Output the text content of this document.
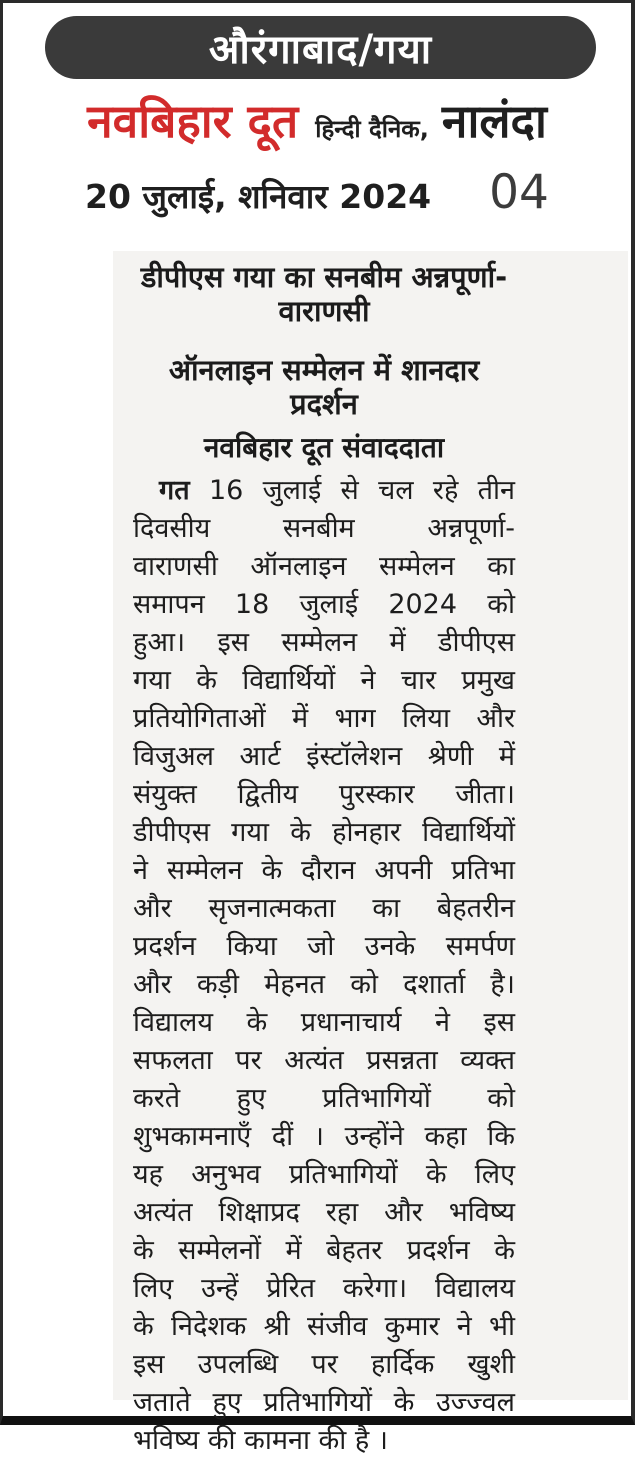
औरंगाबाद/गया
नवबिहार दूत हिन्दी दैनिक, नालंदा
20 जुलाई, शनिवार 2024 04
डीपीएस गया का सनबीम अन्नपूर्णा-वाराणसी
ऑनलाइन सम्मेलन में शानदार प्रदर्शन
नवबिहार दूत संवाददाता
गत 16 जुलाई से चल रहे तीन
दिवसीय सनबीम अन्नपूर्णा-
वाराणसी ऑनलाइन सम्मेलन का
समापन 18 जुलाई 2024 को
हुआ। इस सम्मेलन में डीपीएस
गया के विद्यार्थियों ने चार प्रमुख
प्रतियोगिताओं में भाग लिया और
विजुअल आर्ट इंस्टॉलेशन श्रेणी में
संयुक्त द्वितीय पुरस्कार जीता।
डीपीएस गया के होनहार विद्यार्थियों
ने सम्मेलन के दौरान अपनी प्रतिभा
और सृजनात्मकता का बेहतरीन
प्रदर्शन किया जो उनके समर्पण
और कड़ी मेहनत को दशार्ता है।
विद्यालय के प्रधानाचार्य ने इस
सफलता पर अत्यंत प्रसन्नता व्यक्त
करते हुए प्रतिभागियों को
शुभकामनाएँ दीं । उन्होंने कहा कि
यह अनुभव प्रतिभागियों के लिए
अत्यंत शिक्षाप्रद रहा और भविष्य
के सम्मेलनों में बेहतर प्रदर्शन के
लिए उन्हें प्रेरित करेगा। विद्यालय
के निदेशक श्री संजीव कुमार ने भी
इस उपलब्धि पर हार्दिक खुशी
जताते हुए प्रतिभागियों के उज्ज्वल
भविष्य की कामना की है ।
